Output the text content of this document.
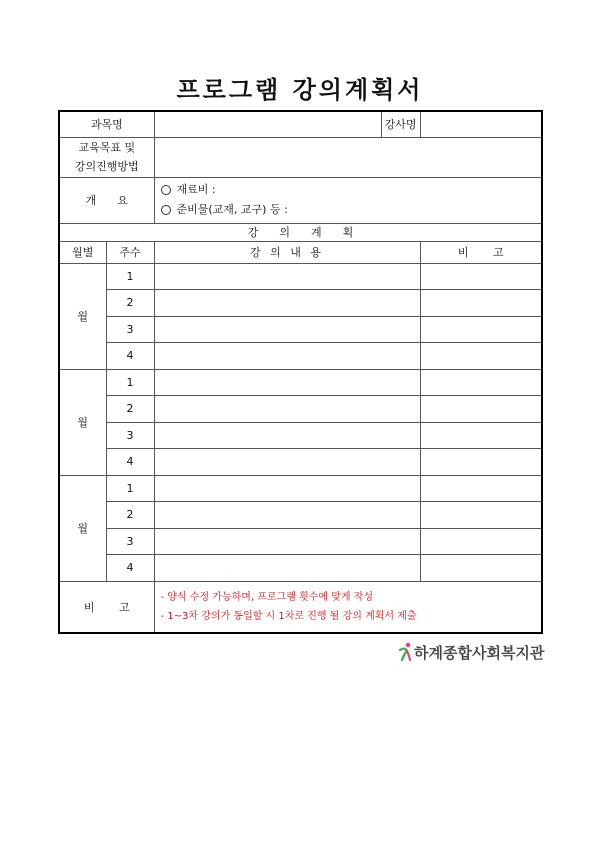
프로그램 강의계획서
과목명			강사명	

교육목표 및
강의진행방법				

개      요		재료비 :
준비물(교재, 교구) 등 :		

강      의      계      획				
월별	주수	강 의 내 용		비       고
월	1			
	2			
	3			
	4			
월	1			
	2			
	3			
	4			
월	1			
	2			
	3			
	4			
비       고		- 양식 수정 가능하며, 프로그램 횟수에 맞게 작성
- 1~3차 강의가 동일할 시 1차로 진행 될 강의 계획서 제출		
하계종합사회복지관
